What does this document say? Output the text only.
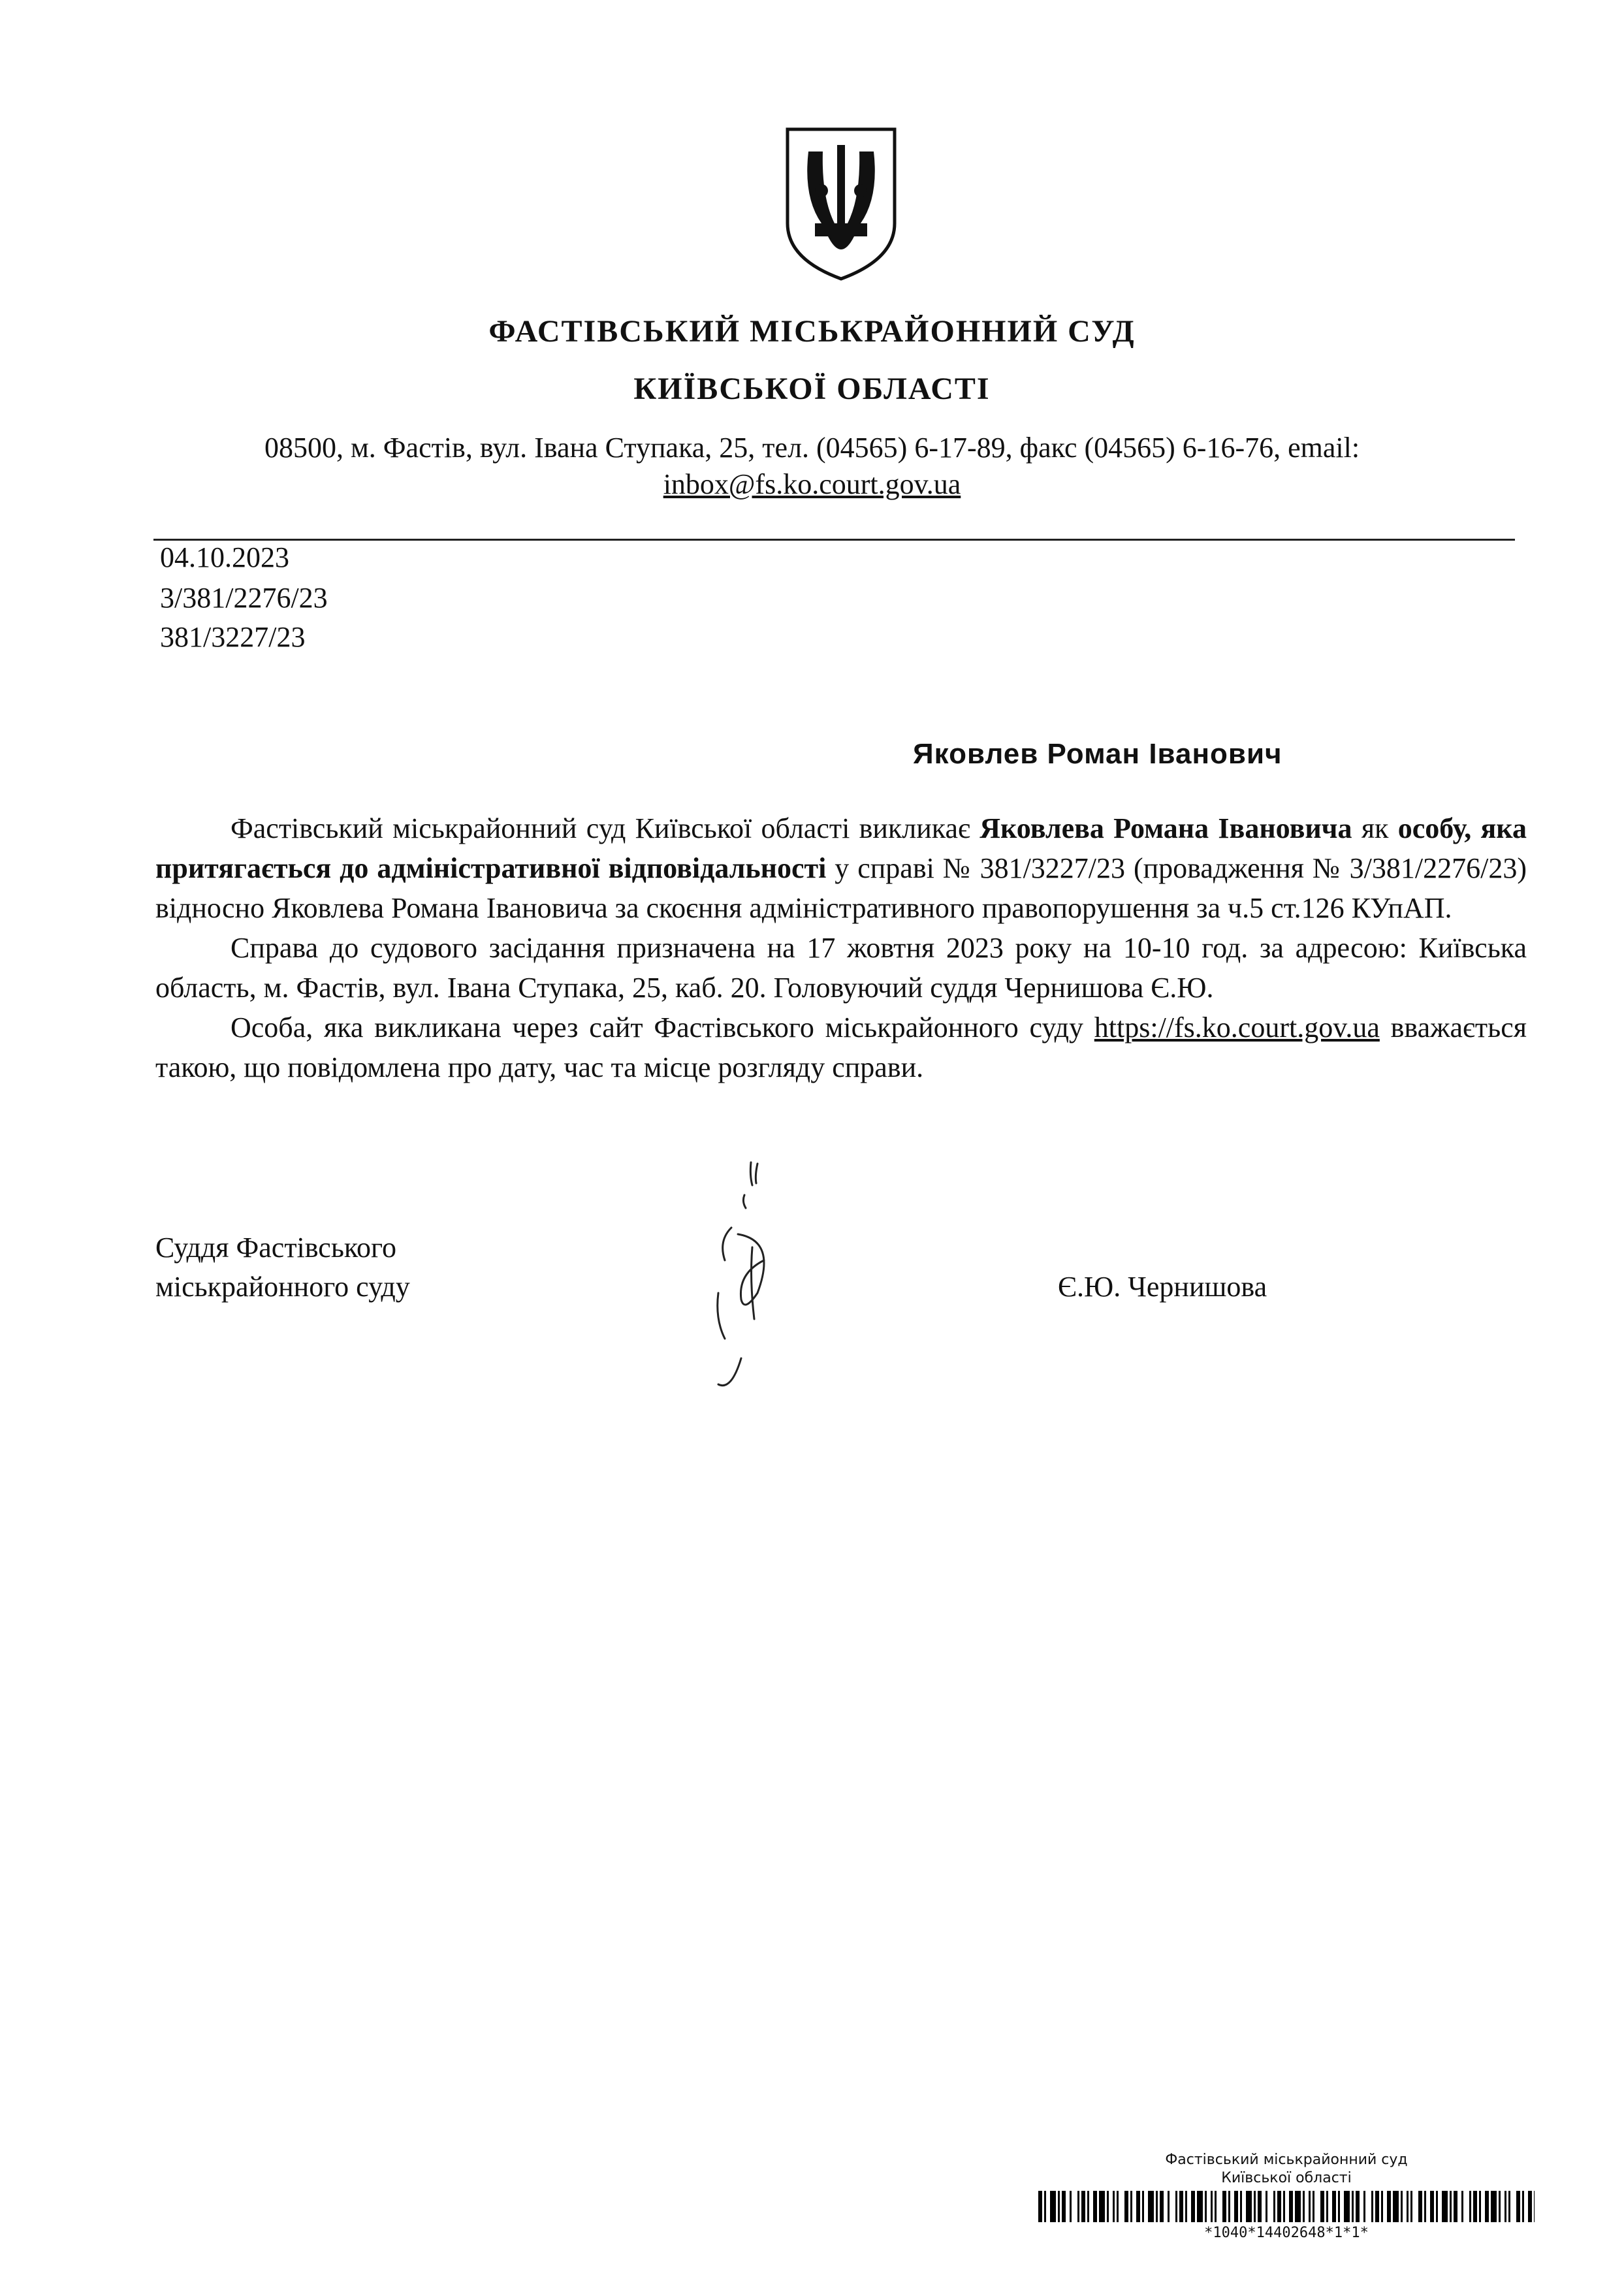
ФАСТІВСЬКИЙ МІСЬКРАЙОННИЙ СУД
КИЇВСЬКОЇ ОБЛАСТІ
08500, м. Фастів, вул. Івана Ступака, 25, тел. (04565) 6-17-89, факс (04565) 6-16-76, email:
inbox@fs.ko.court.gov.ua
04.10.2023
3/381/2276/23
381/3227/23
Яковлев Роман Іванович

Фастівський міськрайонний суд Київської області викликає Яковлева Романа Івановича як особу, яка притягається до адміністративної відповідальності у справі № 381/3227/23 (провадження № 3/381/2276/23) відносно Яковлева Романа Івановича за скоєння адміністративного правопорушення за ч.5 ст.126 КУпАП.

Справа до судового засідання призначена на 17 жовтня 2023 року на 10-10 год. за адресою: Київська область, м. Фастів, вул. Івана Ступака, 25, каб. 20. Головуючий суддя Чернишова Є.Ю.

Особа, яка викликана через сайт Фастівського міськрайонного суду https://fs.ko.court.gov.ua вважається такою, що повідомлена про дату, час та місце розгляду справи.

Суддя Фастівського
міськрайонного суду	Є.Ю. Чернишова
Фастівський міськрайонний суд
Київської області
*1040*14402648*1*1*
